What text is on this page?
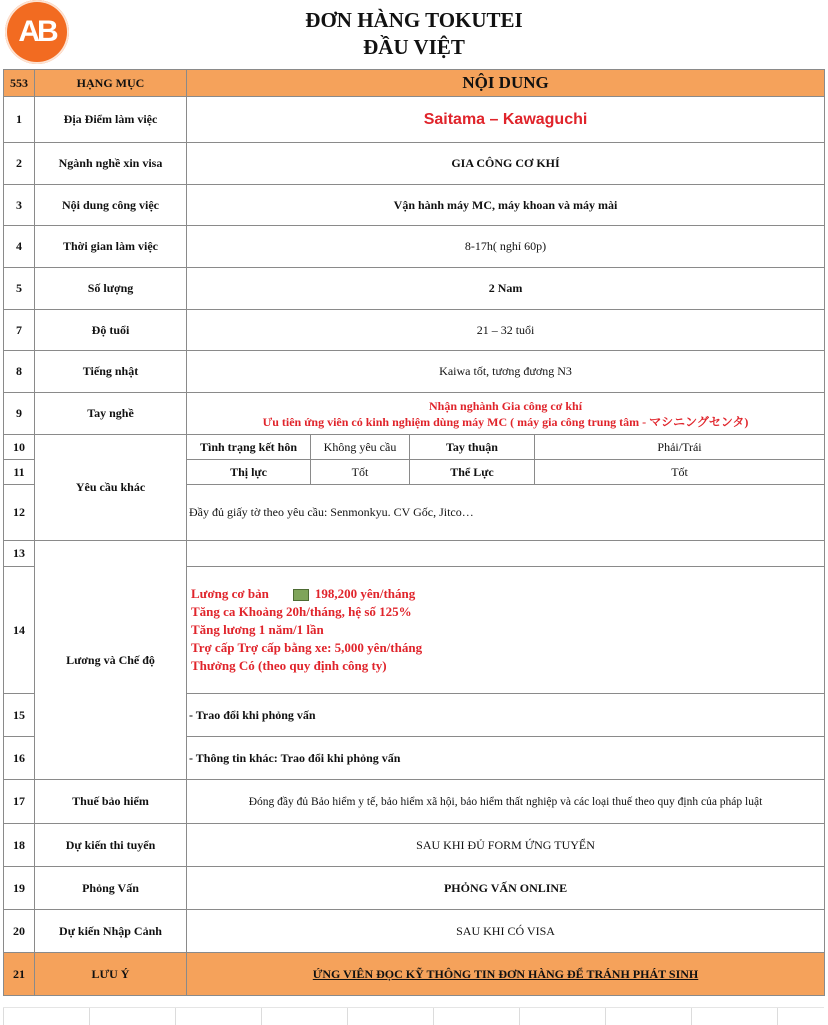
AB	ĐƠN HÀNG TOKUTEI
ĐẦU VIỆT
553	HẠNG MỤC	NỘI DUNG			
1	Địa Điểm làm việc	Saitama – Kawaguchi			
2	Ngành nghề xin visa	GIA CÔNG CƠ KHÍ			
3	Nội dung công việc	Vận hành máy MC, máy khoan và máy mài			
4	Thời gian làm việc	8-17h( nghỉ 60p)			
5	Số lượng	2 Nam			
7	Độ tuổi	21 – 32 tuổi			
8	Tiếng nhật	Kaiwa tốt, tương đương N3			
9	Tay nghề	Nhận nghành Gia công cơ khí
Ưu tiên ứng viên có kinh nghiệm dùng máy MC ( máy gia công trung tâm - マシニングセンタ)			

10	Yêu cầu khác	Tình trạng kết hôn	Không yêu cầu	Tay thuận	Phải/Trái
11		Thị lực	Tốt	Thể Lực	Tốt
12		Đầy đủ giấy tờ theo yêu cầu: Senmonkyu. CV Gốc, Jitco…			
13	Lương và Chế độ				
14		Lương cơ bản 198,200 yên/tháng
Tăng ca Khoảng 20h/tháng, hệ số 125%
Tăng lương 1 năm/1 lần
Trợ cấp Trợ cấp bằng xe: 5,000 yên/tháng
Thưởng Có (theo quy định công ty)			

15		- Trao đổi khi phỏng vấn			
16		- Thông tin khác: Trao đổi khi phỏng vấn			
17	Thuế bảo hiểm	Đóng đầy đủ Bảo hiểm y tế, bảo hiểm xã hội, bảo hiểm thất nghiệp và các loại thuế theo quy định của pháp luật			
18	Dự kiến thi tuyển	SAU KHI ĐỦ FORM ỨNG TUYỂN			
19	Phỏng Vấn	PHỎNG VẤN ONLINE			
20	Dự kiến Nhập Cảnh	SAU KHI CÓ VISA			
21	LƯU Ý	ỨNG VIÊN ĐỌC KỸ THÔNG TIN ĐƠN HÀNG ĐỂ TRÁNH PHÁT SINH			
